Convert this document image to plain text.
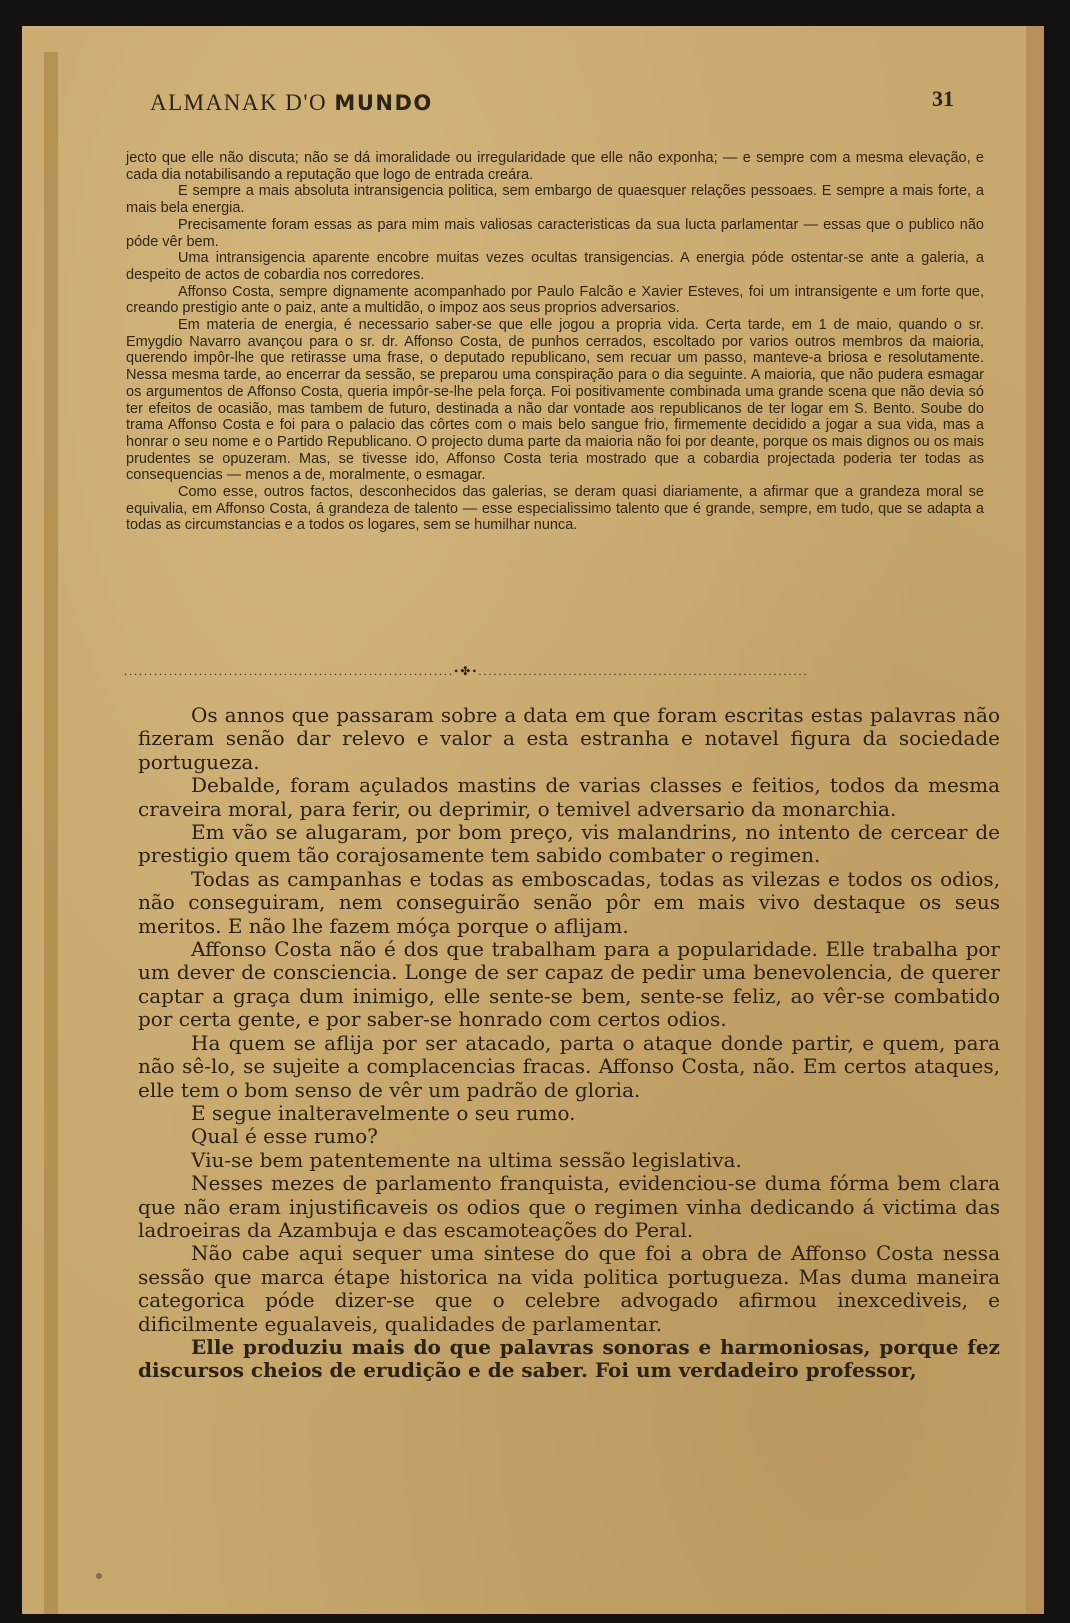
ALMANAK D'O MUNDO	31

jecto que elle não discuta; não se dá imoralidade ou irregularidade que elle não exponha; — e sempre com a mesma elevação, e cada dia notabilisando a reputação que logo de entrada creára.

E sempre a mais absoluta intransigencia politica, sem embargo de quaesquer relações pessoaes. E sempre a mais forte, a mais bela energia.

Precisamente foram essas as para mim mais valiosas caracteristicas da sua lucta parlamentar — essas que o publico não póde vêr bem.

Uma intransigencia aparente encobre muitas vezes ocultas transigencias. A energia póde ostentar-se ante a galeria, a despeito de actos de cobardia nos corredores.

Affonso Costa, sempre dignamente acompanhado por Paulo Falcão e Xavier Esteves, foi um intransigente e um forte que, creando prestigio ante o paiz, ante a multidão, o impoz aos seus proprios adversarios.

Em materia de energia, é necessario saber-se que elle jogou a propria vida. Certa tarde, em 1 de maio, quando o sr. Emygdio Navarro avançou para o sr. dr. Affonso Costa, de punhos cerrados, escoltado por varios outros membros da maioria, querendo impôr-lhe que retirasse uma frase, o deputado republicano, sem recuar um passo, manteve-a briosa e resolutamente. Nessa mesma tarde, ao encerrar da sessão, se preparou uma conspiração para o dia seguinte. A maioria, que não pudera esmagar os argumentos de Affonso Costa, queria impôr-se-lhe pela força. Foi positivamente combinada uma grande scena que não devia só ter efeitos de ocasião, mas tambem de futuro, destinada a não dar vontade aos republicanos de ter logar em S. Bento. Soube do trama Affonso Costa e foi para o palacio das côrtes com o mais belo sangue frio, firmemente decidido a jogar a sua vida, mas a honrar o seu nome e o Partido Republicano. O projecto duma parte da maioria não foi por deante, porque os mais dignos ou os mais prudentes se opuzeram. Mas, se tivesse ido, Affonso Costa teria mostrado que a cobardia projectada poderia ter todas as consequencias — menos a de, moralmente, o esmagar.

Como esse, outros factos, desconhecidos das galerias, se deram quasi diariamente, a afirmar que a grandeza moral se equivalia, em Affonso Costa, á grandeza de talento — esse especialissimo talento que é grande, sempre, em tudo, que se adapta a todas as circumstancias e a todos os logares, sem se humilhar nunca.

..................................................................•✤•..................................................................

Os annos que passaram sobre a data em que foram escritas estas palavras não fizeram senão dar relevo e valor a esta estranha e notavel figura da sociedade portugueza.

Debalde, foram açulados mastins de varias classes e feitios, todos da mesma craveira moral, para ferir, ou deprimir, o temivel adversario da monarchia.

Em vão se alugaram, por bom preço, vis malandrins, no intento de cercear de prestigio quem tão corajosamente tem sabido combater o regimen.

Todas as campanhas e todas as emboscadas, todas as vilezas e todos os odios, não conseguiram, nem conseguirão senão pôr em mais vivo destaque os seus meritos. E não lhe fazem móça porque o aflijam.

Affonso Costa não é dos que trabalham para a popularidade. Elle trabalha por um dever de consciencia. Longe de ser capaz de pedir uma benevolencia, de querer captar a graça dum inimigo, elle sente-se bem, sente-se feliz, ao vêr-se combatido por certa gente, e por saber-se honrado com certos odios.

Ha quem se aflija por ser atacado, parta o ataque donde partir, e quem, para não sê-lo, se sujeite a complacencias fracas. Affonso Costa, não. Em certos ataques, elle tem o bom senso de vêr um padrão de gloria.

E segue inalteravelmente o seu rumo.

Qual é esse rumo?

Viu-se bem patentemente na ultima sessão legislativa.

Nesses mezes de parlamento franquista, evidenciou-se duma fórma bem clara que não eram injustificaveis os odios que o regimen vinha dedicando á victima das ladroeiras da Azambuja e das escamoteações do Peral.

Não cabe aqui sequer uma sintese do que foi a obra de Affonso Costa nessa sessão que marca étape historica na vida politica portugueza. Mas duma maneira categorica póde dizer-se que o celebre advogado afirmou inexcediveis, e dificilmente egualaveis, qualidades de parlamentar.

Elle produziu mais do que palavras sonoras e harmoniosas, porque fez discursos cheios de erudição e de saber. Foi um verdadeiro professor,
